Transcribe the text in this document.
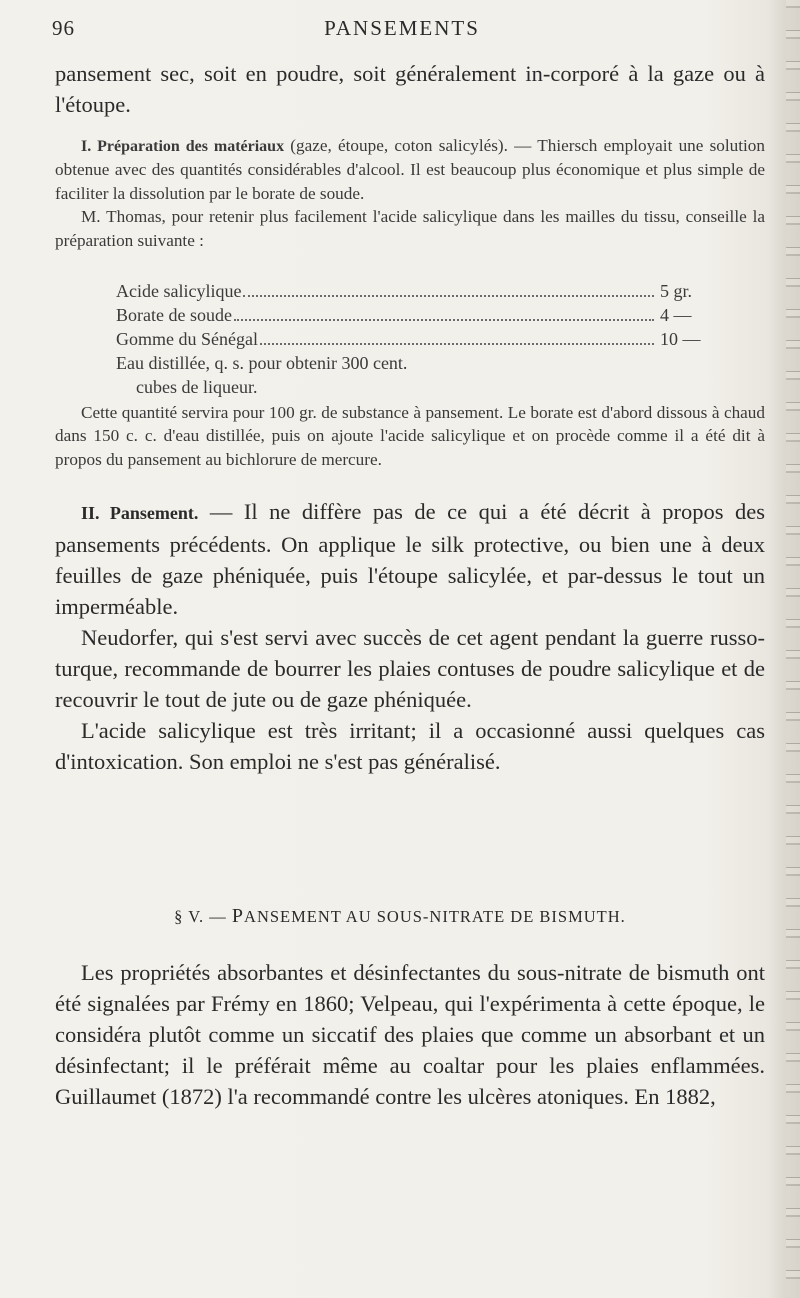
96	PANSEMENTS

pansement sec, soit en poudre, soit généralement in-corporé à la gaze ou à l'étoupe.

I. Préparation des matériaux (gaze, étoupe, coton salicylés). — Thiersch employait une solution obtenue avec des quantités considérables d'alcool. Il est beaucoup plus économique et plus simple de faciliter la dissolution par le borate de soude.

M. Thomas, pour retenir plus facilement l'acide salicylique dans les mailles du tissu, conseille la préparation suivante :

Acide salicylique	5 gr.
Borate de soude	4 —
Gomme du Sénégal	10 —
Eau distillée, q. s. pour obtenir 300 cent.
cubes de liqueur.

Cette quantité servira pour 100 gr. de substance à pansement. Le borate est d'abord dissous à chaud dans 150 c. c. d'eau distillée, puis on ajoute l'acide salicylique et on procède comme il a été dit à propos du pansement au bichlorure de mercure.

II. Pansement. — Il ne diffère pas de ce qui a été décrit à propos des pansements précédents. On applique le silk protective, ou bien une à deux feuilles de gaze phéniquée, puis l'étoupe salicylée, et par-dessus le tout un imperméable.

Neudorfer, qui s'est servi avec succès de cet agent pendant la guerre russo-turque, recommande de bourrer les plaies contuses de poudre salicylique et de recouvrir le tout de jute ou de gaze phéniquée.

L'acide salicylique est très irritant; il a occasionné aussi quelques cas d'intoxication. Son emploi ne s'est pas généralisé.

§ V. — PANSEMENT AU SOUS-NITRATE DE BISMUTH.

Les propriétés absorbantes et désinfectantes du sous-nitrate de bismuth ont été signalées par Frémy en 1860; Velpeau, qui l'expérimenta à cette époque, le considéra plutôt comme un siccatif des plaies que comme un absorbant et un désinfectant; il le préférait même au coaltar pour les plaies enflammées. Guillaumet (1872) l'a recommandé contre les ulcères atoniques. En 1882,
